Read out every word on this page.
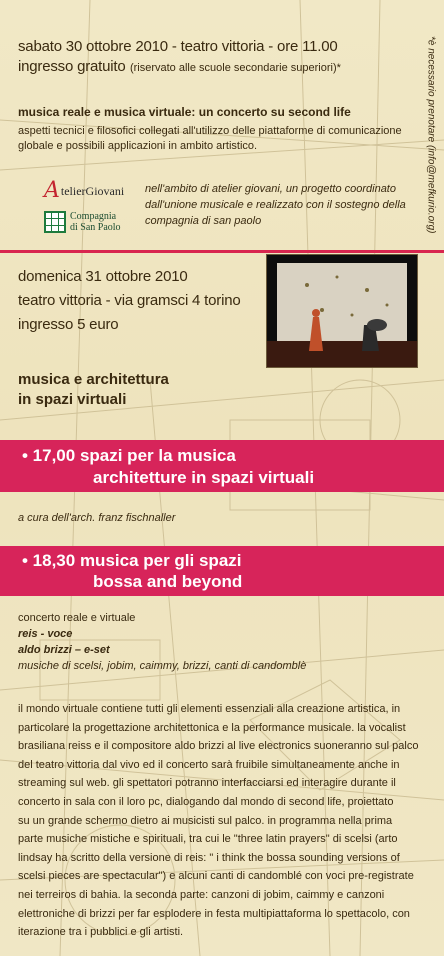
sabato 30 ottobre 2010 - teatro vittoria - ore 11.00
ingresso gratuito (riservato alle scuole secondarie superiori)*
musica reale e musica virtuale: un concerto su second life
aspetti tecnici e filosofici collegati all'utilizzo delle piattaforme di comunicazione globale e possibili applicazioni in ambito artistico.	*è necessario prenotare (info@mefkurio.org)
A telierGiovani
Compagnia
di San Paolo
nell'ambito di atelier giovani, un progetto coordinato dall'unione musicale e realizzato con il sostegno della compagnia di san paolo
domenica 31 ottobre 2010
teatro vittoria - via gramsci 4 torino
ingresso 5 euro
musica e architettura
in spazi virtuali
• 17,00 spazi per la musica
architetture in spazi virtuali
a cura dell'arch. franz fischnaller
• 18,30 musica per gli spazi
bossa and beyond
concerto reale e virtuale
reis - voce
aldo brizzi – e-set
musiche di scelsi, jobim, caimmy, brizzi, canti di candomblè
il mondo virtuale contiene tutti gli elementi essenziali alla creazione artistica, in
particolare la progettazione architettonica e la performance musicale. la vocalist
brasiliana reiss e il compositore aldo brizzi al live electronics suoneranno sul palco
del teatro vittoria dal vivo ed il concerto sarà fruibile simultaneamente anche in
streaming sul web. gli spettatori potranno interfacciarsi ed interagire durante il
concerto in sala con il loro pc, dialogando dal mondo di second life, proiettato
su un grande schermo dietro ai musicisti sul palco. in programma nella prima
parte musiche mistiche e spirituali, tra cui le "three latin prayers" di scelsi (arto
lindsay ha scritto della versione di reis: " i think the bossa sounding versions of
scelsi pieces are spectacular") e alcuni canti di candomblé con voci pre-registrate
nei terreiros di bahia. la seconda parte: canzoni di jobim, caimmy e canzoni
elettroniche di brizzi per far esplodere in festa multipiattaforma lo spettacolo, con
iterazione tra i pubblici e gli artisti.
